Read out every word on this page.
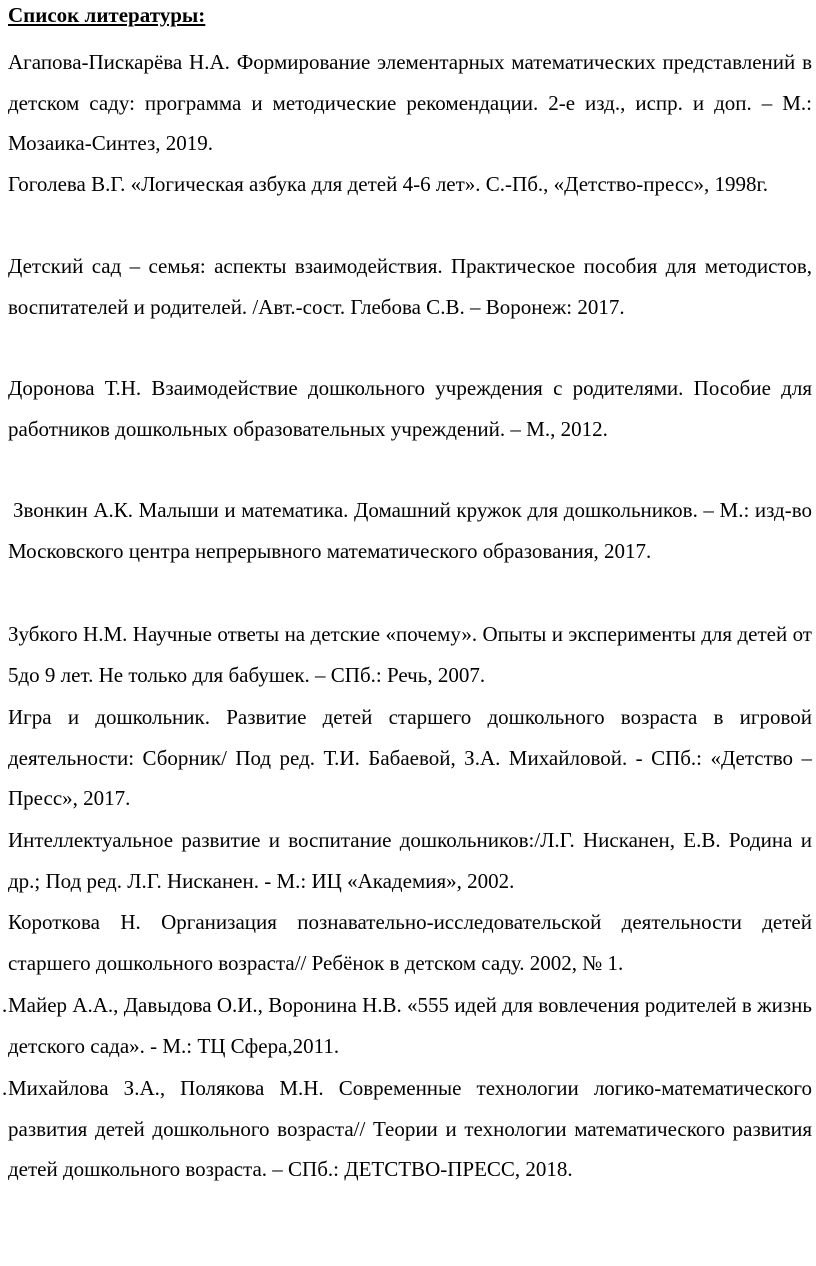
Список литературы:

Агапова-Пискарёва Н.А. Формирование элементарных математических представлений в детском саду: программа и методические рекомендации. 2-е изд., испр. и доп. – М.: Мозаика-Синтез, 2019.

Гоголева В.Г. «Логическая азбука для детей 4-6 лет». С.-Пб., «Детство-пресс», 1998г.

Детский сад – семья: аспекты взаимодействия. Практическое пособия для методистов, воспитателей и родителей. /Авт.-сост. Глебова С.В. – Воронеж: 2017.

Доронова Т.Н. Взаимодействие дошкольного учреждения с родителями. Пособие для работников дошкольных образовательных учреждений. – М., 2012.

Звонкин А.К. Малыши и математика. Домашний кружок для дошкольников. – М.: изд-во Московского центра непрерывного математического образования, 2017.

Зубкого Н.М. Научные ответы на детские «почему». Опыты и эксперименты для детей от 5до 9 лет. Не только для бабушек. – СПб.: Речь, 2007.

Игра и дошкольник. Развитие детей старшего дошкольного возраста в игровой деятельности: Сборник/ Под ред. Т.И. Бабаевой, З.А. Михайловой. - СПб.: «Детство – Пресс», 2017.

Интеллектуальное развитие и воспитание дошкольников:/Л.Г. Нисканен, Е.В. Родина и др.; Под ред. Л.Г. Нисканен. - М.: ИЦ «Академия», 2002.

Короткова Н. Организация познавательно-исследовательской деятельности детей старшего дошкольного возраста// Ребёнок в детском саду. 2002, № 1.

. Майер А.А., Давыдова О.И., Воронина Н.В. «555 идей для вовлечения родителей в жизнь детского сада». - М.: ТЦ Сфера,2011.
. Михайлова З.А., Полякова М.Н. Современные технологии логико-математического развития детей дошкольного возраста// Теории и технологии математического развития детей дошкольного возраста. – СПб.: ДЕТСТВО-ПРЕСС, 2018.
